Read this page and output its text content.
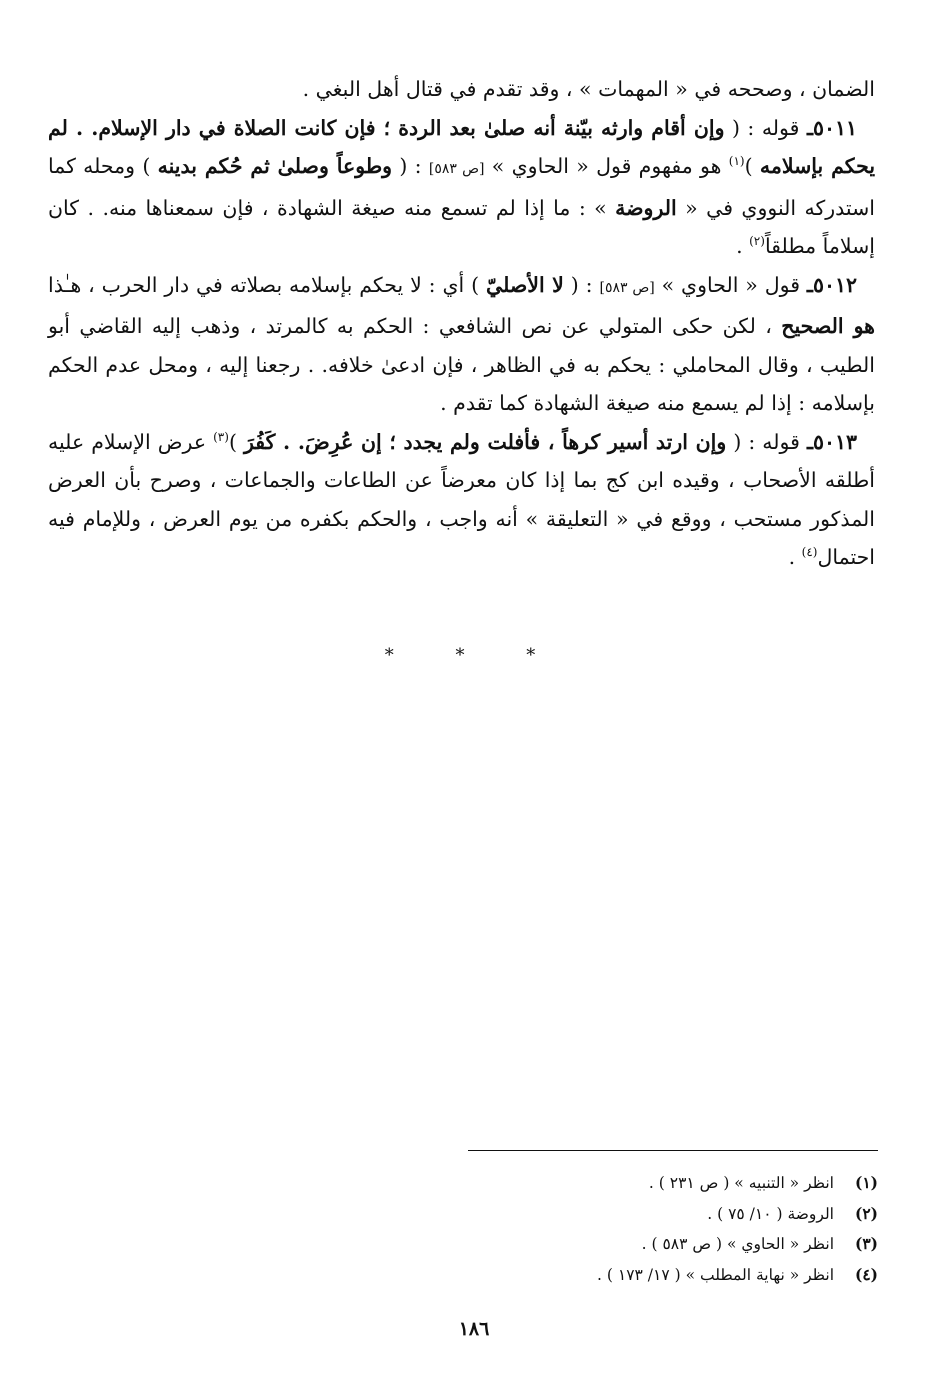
الضمان ، وصححه في « المهمات » ، وقد تقدم في قتال أهل البغي .

٥٠١١ـ قوله : ( وإن أقام وارثه بيّنة أنه صلىٰ بعد الردة ؛ فإن كانت الصلاة في دار الإسلام. . لم يحكم بإسلامه )$^{(١)}$ هو مفهوم قول « الحاوي » [ص ٥٨٣] : ( وطوعاً وصلىٰ ثم حُكم بدينه ) ومحله كما استدركه النووي في « الروضة » : ما إذا لم تسمع منه صيغة الشهادة ، فإن سمعناها منه. . كان إسلاماً مطلقاً$^{(٢)}$ .

٥٠١٢ـ قول « الحاوي » [ص ٥٨٣] : ( لا الأصليّ ) أي : لا يحكم بإسلامه بصلاته في دار الحرب ، هـٰذا هو الصحيح ، لكن حكى المتولي عن نص الشافعي : الحكم به كالمرتد ، وذهب إليه القاضي أبو الطيب ، وقال المحاملي : يحكم به في الظاهر ، فإن ادعىٰ خلافه. . رجعنا إليه ، ومحل عدم الحكم بإسلامه : إذا لم يسمع منه صيغة الشهادة كما تقدم .

٥٠١٣ـ قوله : ( وإن ارتد أسير كرهاً ، فأفلت ولم يجدد ؛ إن عُرِضَ. . كَفُرَ )$^{(٣)}$ عرض الإسلام عليه أطلقه الأصحاب ، وقيده ابن كج بما إذا كان معرضاً عن الطاعات والجماعات ، وصرح بأن العرض المذكور مستحب ، ووقع في « التعليقة » أنه واجب ، والحكم بكفره من يوم العرض ، وللإمام فيه احتمال$^{(٤)}$ .

* * *
(١)
انظر « التنبيه » ( ص ٢٣١ ) .
(٢)
الروضة ( ١٠/ ٧٥ ) .
(٣)
انظر « الحاوي » ( ص ٥٨٣ ) .
(٤)
انظر « نهاية المطلب » ( ١٧/ ١٧٣ ) .
١٨٦
